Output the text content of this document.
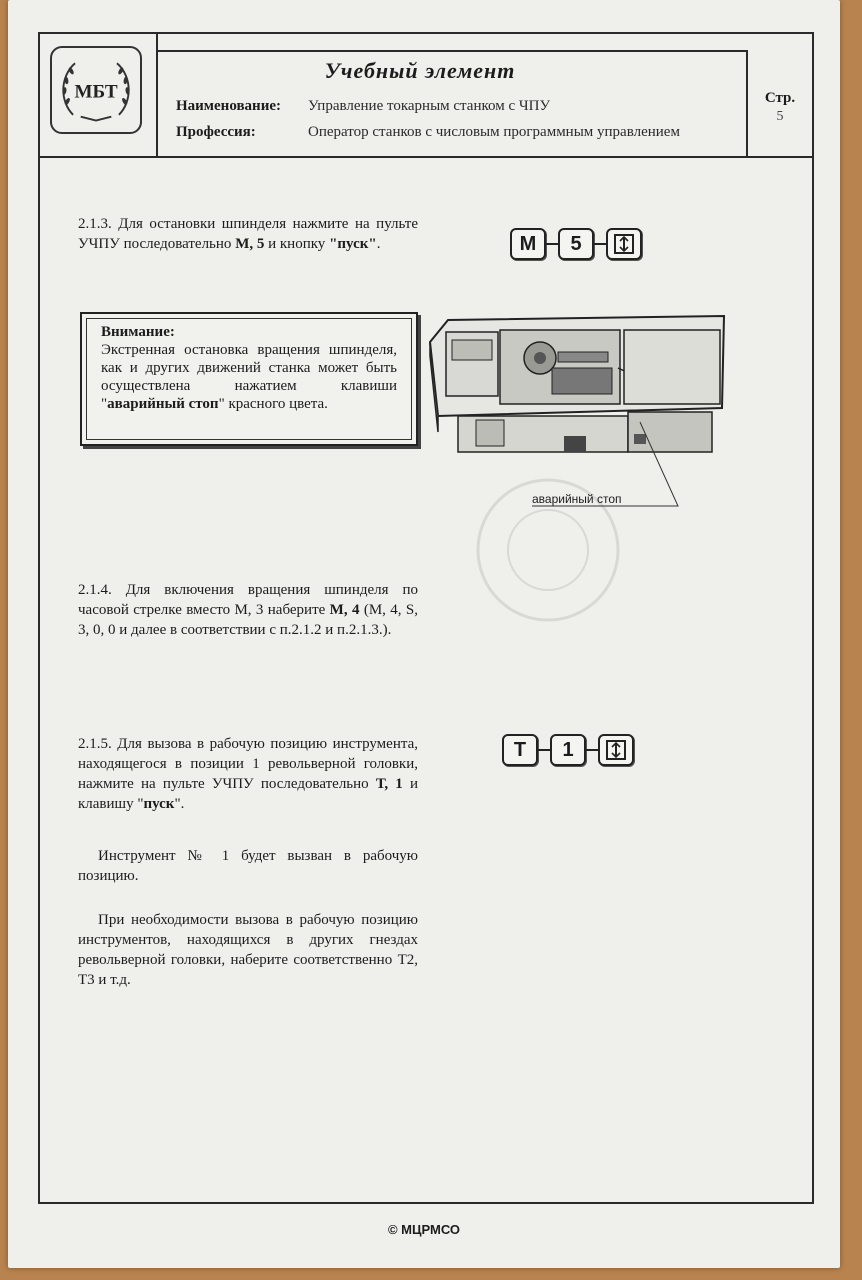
МБТ
Учебный элемент
Наименование: Управление токарным станком с ЧПУ
Профессия:	Оператор станков с числовым программным управлением
Стр.
5
2.1.3. Для остановки шпинделя нажмите на пульте УЧПУ последовательно М, 5 и кнопку "пуск".	М	5
Внимание:
Экстренная остановка вращения шпинделя, как и других движений станка может быть осуществлена нажатием клавиши "аварийный стоп" красного цвета.
аварийный стоп
2.1.4. Для включения вращения шпинделя по часовой стрелке вместо М, 3 наберите М, 4 (М, 4, S, 3, 0, 0 и далее в соответствии с п.2.1.2 и п.2.1.3.).
2.1.5. Для вызова в рабочую позицию инструмента, находящегося в позиции 1 револьверной головки, нажмите на пульте УЧПУ последовательно Т, 1 и клавишу "пуск".
Т	1
Инструмент № 1 будет вызван в рабочую позицию.
При необходимости вызова в рабочую позицию инструментов, находящихся в других гнездах револьверной головки, наберите соответственно Т2, Т3 и т.д.
© МЦРМСО
